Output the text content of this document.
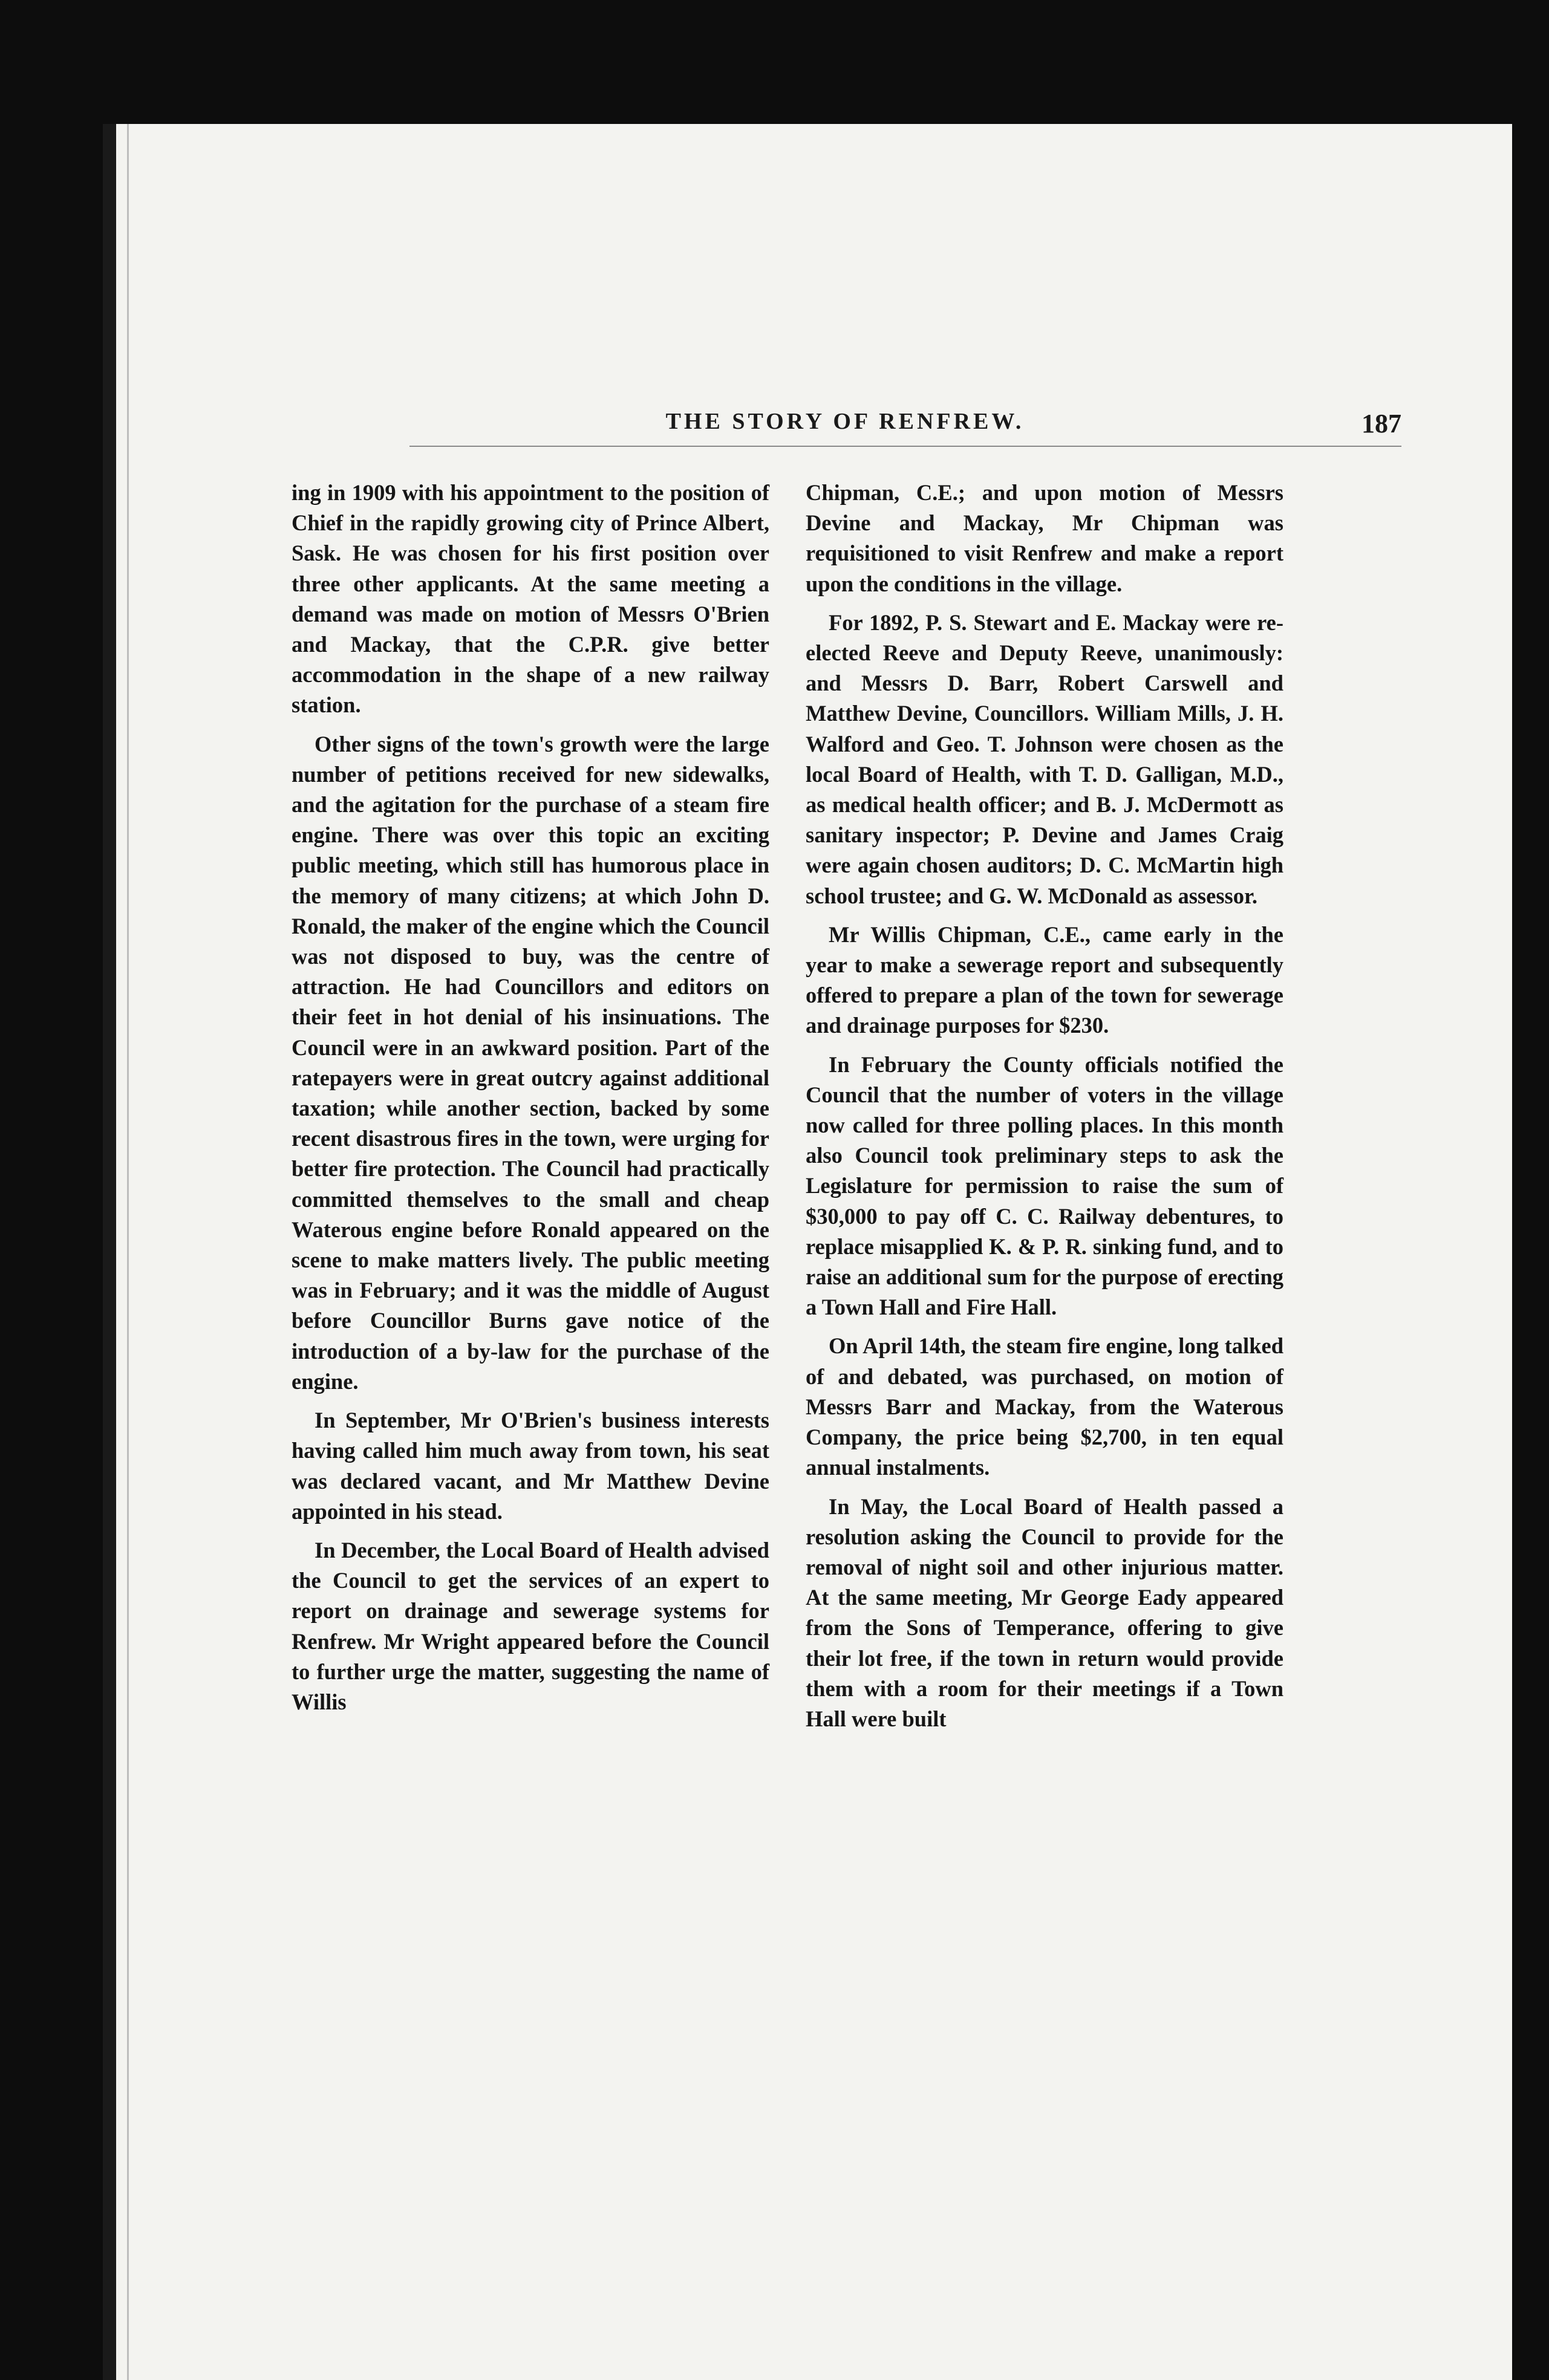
THE STORY OF RENFREW.	187

ing in 1909 with his appointment to the position of Chief in the rapidly growing city of Prince Albert, Sask. He was chosen for his first position over three other applicants. At the same meeting a demand was made on motion of Messrs O'Brien and Mackay, that the C.P.R. give better accommodation in the shape of a new railway station.

Other signs of the town's growth were the large number of petitions received for new sidewalks, and the agitation for the purchase of a steam fire engine. There was over this topic an exciting public meeting, which still has humorous place in the memory of many citizens; at which John D. Ronald, the maker of the engine which the Council was not disposed to buy, was the centre of attraction. He had Councillors and editors on their feet in hot denial of his insinuations. The Council were in an awkward position. Part of the ratepayers were in great outcry against additional taxation; while another section, backed by some recent disastrous fires in the town, were urging for better fire protection. The Council had practically committed themselves to the small and cheap Waterous engine before Ronald appeared on the scene to make matters lively. The public meeting was in February; and it was the middle of August before Councillor Burns gave notice of the introduction of a by-law for the purchase of the engine.

In September, Mr O'Brien's business interests having called him much away from town, his seat was declared vacant, and Mr Matthew Devine appointed in his stead.

In December, the Local Board of Health advised the Council to get the services of an expert to report on drainage and sewerage systems for Renfrew. Mr Wright appeared before the Council to further urge the matter, suggesting the name of Willis

Chipman, C.E.; and upon motion of Messrs Devine and Mackay, Mr Chipman was requisitioned to visit Renfrew and make a report upon the conditions in the village.

For 1892, P. S. Stewart and E. Mackay were re-elected Reeve and Deputy Reeve, unanimously: and Messrs D. Barr, Robert Carswell and Matthew Devine, Councillors. William Mills, J. H. Walford and Geo. T. Johnson were chosen as the local Board of Health, with T. D. Galligan, M.D., as medical health officer; and B. J. McDermott as sanitary inspector; P. Devine and James Craig were again chosen auditors; D. C. McMartin high school trustee; and G. W. McDonald as assessor.

Mr Willis Chipman, C.E., came early in the year to make a sewerage report and subsequently offered to prepare a plan of the town for sewerage and drainage purposes for $230.

In February the County officials notified the Council that the number of voters in the village now called for three polling places. In this month also Council took preliminary steps to ask the Legislature for permission to raise the sum of $30,000 to pay off C. C. Railway debentures, to replace misapplied K. & P. R. sinking fund, and to raise an additional sum for the purpose of erecting a Town Hall and Fire Hall.

On April 14th, the steam fire engine, long talked of and debated, was purchased, on motion of Messrs Barr and Mackay, from the Waterous Company, the price being $2,700, in ten equal annual instalments.

In May, the Local Board of Health passed a resolution asking the Council to provide for the removal of night soil and other injurious matter. At the same meeting, Mr George Eady appeared from the Sons of Temperance, offering to give their lot free, if the town in return would provide them with a room for their meetings if a Town Hall were built
